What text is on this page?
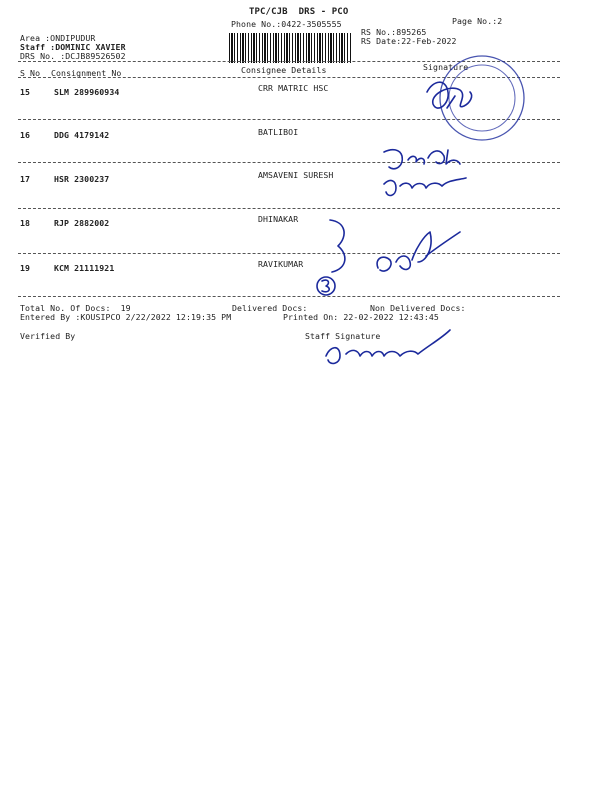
TPC/CJB  DRS - PCO
Phone No.:0422-3505555	Page No.:2
Area :ONDIPUDUR
Staff :DOMINIC XAVIER
DRS No. :DCJB89526502
RS No.:895265
RS Date:22-Feb-2022
S No Consignment No	Consignee Details	Signature
15	SLM 289960934	CRR MATRIC HSC
16	DDG 4179142	BATLIBOI
17	HSR 2300237	AMSAVENI SURESH
18	RJP 2882002	DHINAKAR
19	KCM 21111921	RAVIKUMAR
Total No. Of Docs:  19	Delivered Docs:	Non Delivered Docs:
Entered By :KOUSIPCO 2/22/2022 12:19:35 PM	Printed On: 22-02-2022 12:43:45
Verified By	Staff Signature
